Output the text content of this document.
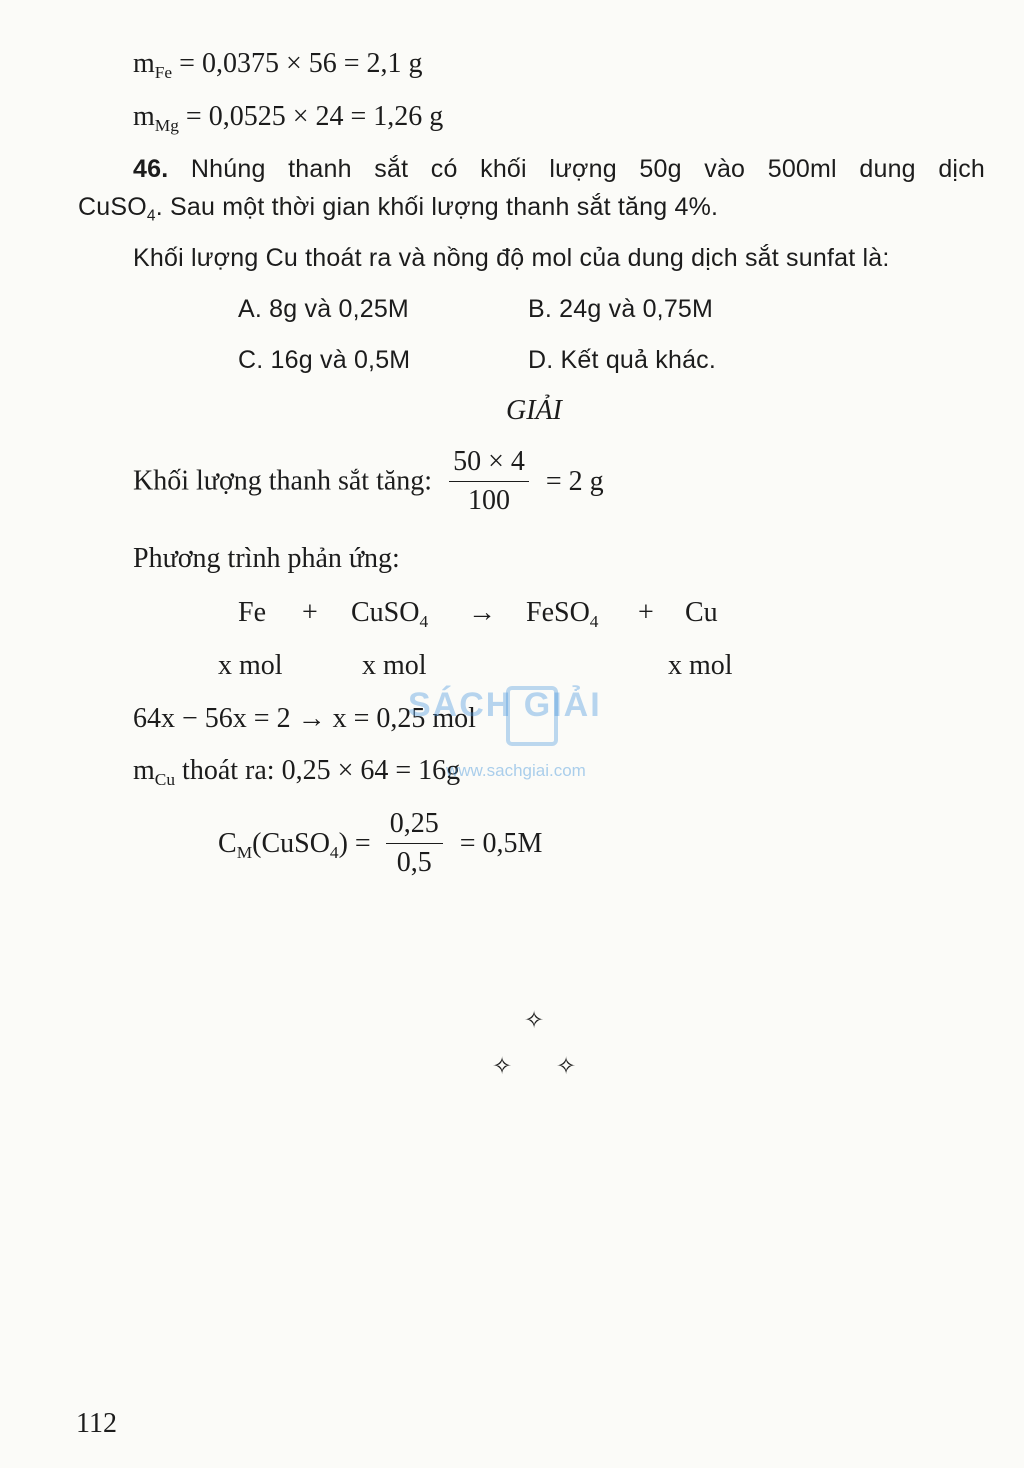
$m_{Fe} = 0,0375 \times 56 = 2,1$ g
$m_{Mg} = 0,0525 \times 24 = 1,26$ g
46. Nhúng thanh sắt có khối lượng 50g vào 500ml dung dịch
CuSO$_4$. Sau một thời gian khối lượng thanh sắt tăng 4%.
Khối lượng Cu thoát ra và nồng độ mol của dung dịch sắt sunfat là:
A. 8g và 0,25M	B. 24g và 0,75M
C. 16g và 0,5M	D. Kết quả khác.
GIẢI
Khối lượng thanh sắt tăng: $\frac{50 \times 4}{100} = 2$ g
Phương trình phản ứng:
Fe + CuSO$_4$ → FeSO$_4$ + Cu
x mol	x mol	x mol
64x − 56x = 2 → x = 0,25 mol
$m_{Cu}$ thoát ra: 0,25 × 64 = 16g
$C_M(CuSO_4) = \frac{0,25}{0,5} = 0,5M$
SÁCH GIẢI
www.sachgiai.com
✧
✧ ✧
112
